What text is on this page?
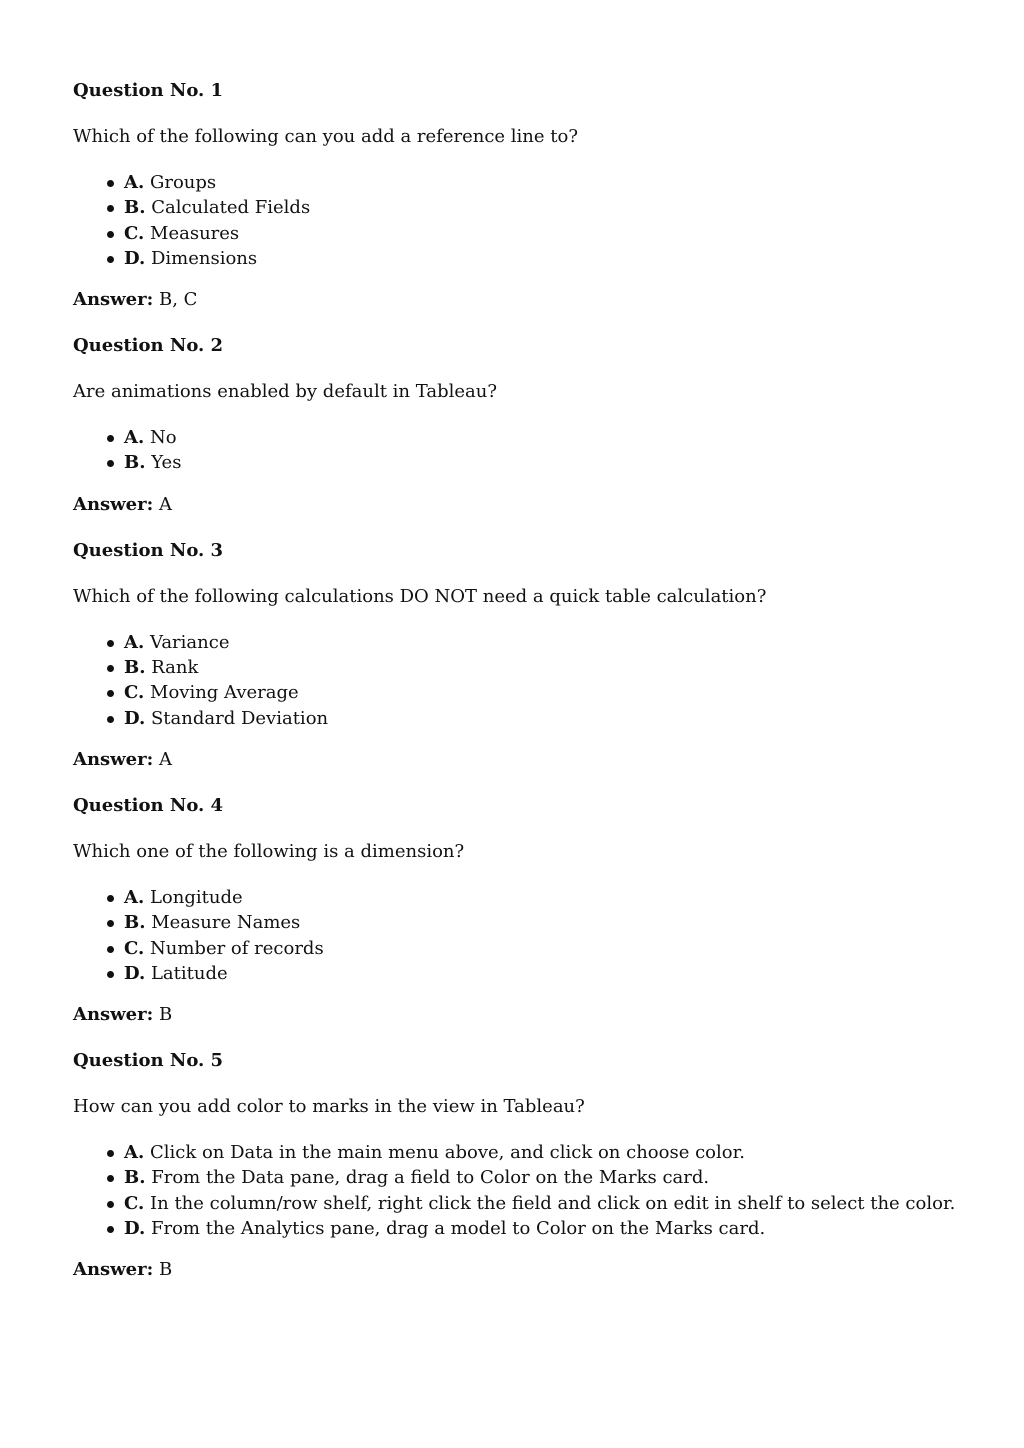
Question No. 1
Which of the following can you add a reference line to?
A. Groups
B. Calculated Fields
C. Measures
D. Dimensions
Answer: B, C
Question No. 2
Are animations enabled by default in Tableau?
A. No
B. Yes
Answer: A
Question No. 3
Which of the following calculations DO NOT need a quick table calculation?
A. Variance
B. Rank
C. Moving Average
D. Standard Deviation
Answer: A
Question No. 4
Which one of the following is a dimension?
A. Longitude
B. Measure Names
C. Number of records
D. Latitude
Answer: B
Question No. 5
How can you add color to marks in the view in Tableau?
A. Click on Data in the main menu above, and click on choose color.
B. From the Data pane, drag a field to Color on the Marks card.
C. In the column/row shelf, right click the field and click on edit in shelf to select the color.
D. From the Analytics pane, drag a model to Color on the Marks card.
Answer: B
